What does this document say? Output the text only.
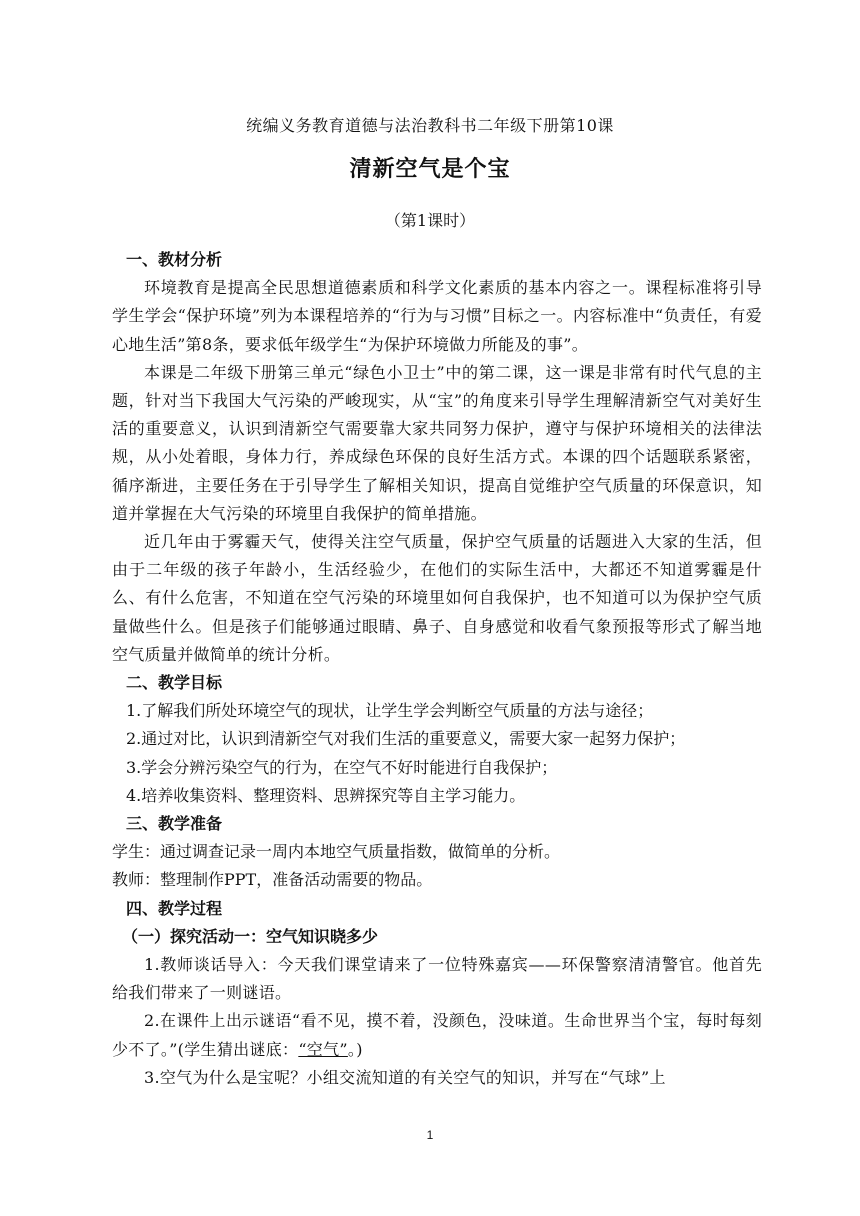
统编义务教育道德与法治教科书二年级下册第10课
清新空气是个宝
（第1课时）
一、教材分析
环境教育是提高全民思想道德素质和科学文化素质的基本内容之一。课程标准将引导学生学会“保护环境”列为本课程培养的“行为与习惯”目标之一。内容标准中“负责任，有爱心地生活”第8条，要求低年级学生“为保护环境做力所能及的事”。
本课是二年级下册第三单元“绿色小卫士”中的第二课，这一课是非常有时代气息的主题，针对当下我国大气污染的严峻现实，从“宝”的角度来引导学生理解清新空气对美好生活的重要意义，认识到清新空气需要靠大家共同努力保护，遵守与保护环境相关的法律法规，从小处着眼，身体力行，养成绿色环保的良好生活方式。本课的四个话题联系紧密，循序渐进，主要任务在于引导学生了解相关知识，提高自觉维护空气质量的环保意识，知道并掌握在大气污染的环境里自我保护的简单措施。
近几年由于雾霾天气，使得关注空气质量，保护空气质量的话题进入大家的生活，但由于二年级的孩子年龄小，生活经验少，在他们的实际生活中，大都还不知道雾霾是什么、有什么危害，不知道在空气污染的环境里如何自我保护，也不知道可以为保护空气质量做些什么。但是孩子们能够通过眼睛、鼻子、自身感觉和收看气象预报等形式了解当地空气质量并做简单的统计分析。
二、教学目标
1.了解我们所处环境空气的现状，让学生学会判断空气质量的方法与途径；
2.通过对比，认识到清新空气对我们生活的重要意义，需要大家一起努力保护；
3.学会分辨污染空气的行为，在空气不好时能进行自我保护；
4.培养收集资料、整理资料、思辨探究等自主学习能力。
三、教学准备
学生：通过调查记录一周内本地空气质量指数，做简单的分析。
教师：整理制作PPT，准备活动需要的物品。
四、教学过程
（一）探究活动一：空气知识晓多少
1.教师谈话导入：今天我们课堂请来了一位特殊嘉宾——环保警察清清警官。他首先给我们带来了一则谜语。
2.在课件上出示谜语“看不见，摸不着，没颜色，没味道。生命世界当个宝，每时每刻少不了。”(学生猜出谜底：“空气”。)
3.空气为什么是宝呢？小组交流知道的有关空气的知识，并写在“气球”上
1
